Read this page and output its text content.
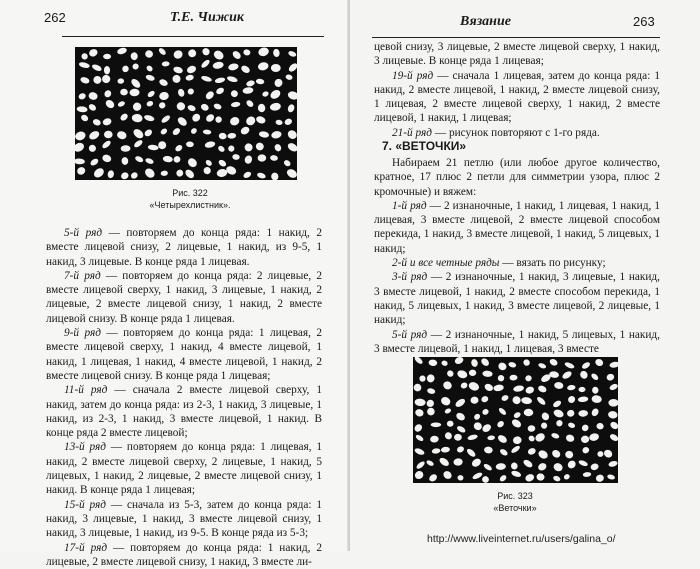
262	Т.Е. Чижик
Рис. 322
«Четырехлистник».

5-й ряд — повторяем до конца ряда: 1 накид, 2 вместе лицевой снизу, 2 лицевые, 1 накид, из 9-5, 1 накид, 3 лицевые. В конце ряда 1 лицевая.

7-й ряд — повторяем до конца ряда: 2 лицевые, 2 вместе лицевой сверху, 1 накид, 3 лицевые, 1 накид, 2 лицевые, 2 вместе лицевой снизу, 1 накид, 2 вместе лицевой снизу. В конце ряда 1 лицевая.

9-й ряд — повторяем до конца ряда: 1 лицевая, 2 вместе лицевой сверху, 1 накид, 4 вместе лицевой, 1 накид, 1 лицевая, 1 накид, 4 вместе лицевой, 1 накид, 2 вместе лицевой снизу. В конце ряда 1 лицевая;

11-й ряд — сначала 2 вместе лицевой сверху, 1 накид, затем до конца ряда: из 2-3, 1 накид, 3 лицевые, 1 накид, из 2-3, 1 накид, 3 вместе лицевой, 1 накид. В конце ряда 2 вместе лицевой;

13-й ряд — повторяем до конца ряда: 1 лицевая, 1 накид, 2 вместе лицевой сверху, 2 лицевые, 1 накид, 5 лицевых, 1 накид, 2 лицевые, 2 вместе лицевой снизу, 1 накид. В конце ряда 1 лицевая;

15-й ряд — сначала из 5-3, затем до конца ряда: 1 накид, 3 лицевые, 1 накид, 3 вместе лицевой снизу, 1 накид, 3 лицевые, 1 накид, из 9-5. В конце ряда из 5-3;

17-й ряд — повторяем до конца ряда: 1 накид, 2 лицевые, 2 вместе лицевой снизу, 1 накид, 3 вместе ли-

Вязание	263

цевой снизу, 3 лицевые, 2 вместе лицевой сверху, 1 накид, 3 лицевые. В конце ряда 1 лицевая;

19-й ряд — сначала 1 лицевая, затем до конца ряда: 1 накид, 2 вместе лицевой, 1 накид, 2 вместе лицевой снизу, 1 лицевая, 2 вместе лицевой сверху, 1 накид, 2 вместе лицевой, 1 накид, 1 лицевая;

21-й ряд — рисунок повторяют с 1-го ряда.

7. «ВЕТОЧКИ»

Набираем 21 петлю (или любое другое количество, кратное, 17 плюс 2 петли для симметрии узора, плюс 2 кромочные) и вяжем:

1-й ряд — 2 изнаночные, 1 накид, 1 лицевая, 1 накид, 1 лицевая, 3 вместе лицевой, 2 вместе лицевой способом перекида, 1 накид, 3 вместе лицевой, 1 накид, 5 лицевых, 1 накид;

2-й и все четные ряды — вязать по рисунку;

3-й ряд — 2 изнаночные, 1 накид, 3 лицевые, 1 накид, 3 вместе лицевой, 1 накид, 2 вместе способом перекида, 1 накид, 5 лицевых, 1 накид, 3 вместе лицевой, 2 лицевые, 1 накид;

5-й ряд — 2 изнаночные, 1 накид, 5 лицевых, 1 накид, 3 вместе лицевой, 1 накид, 1 лицевая, 3 вместе

Рис. 323
«Веточки»
http://www.liveinternet.ru/users/galina_o/
